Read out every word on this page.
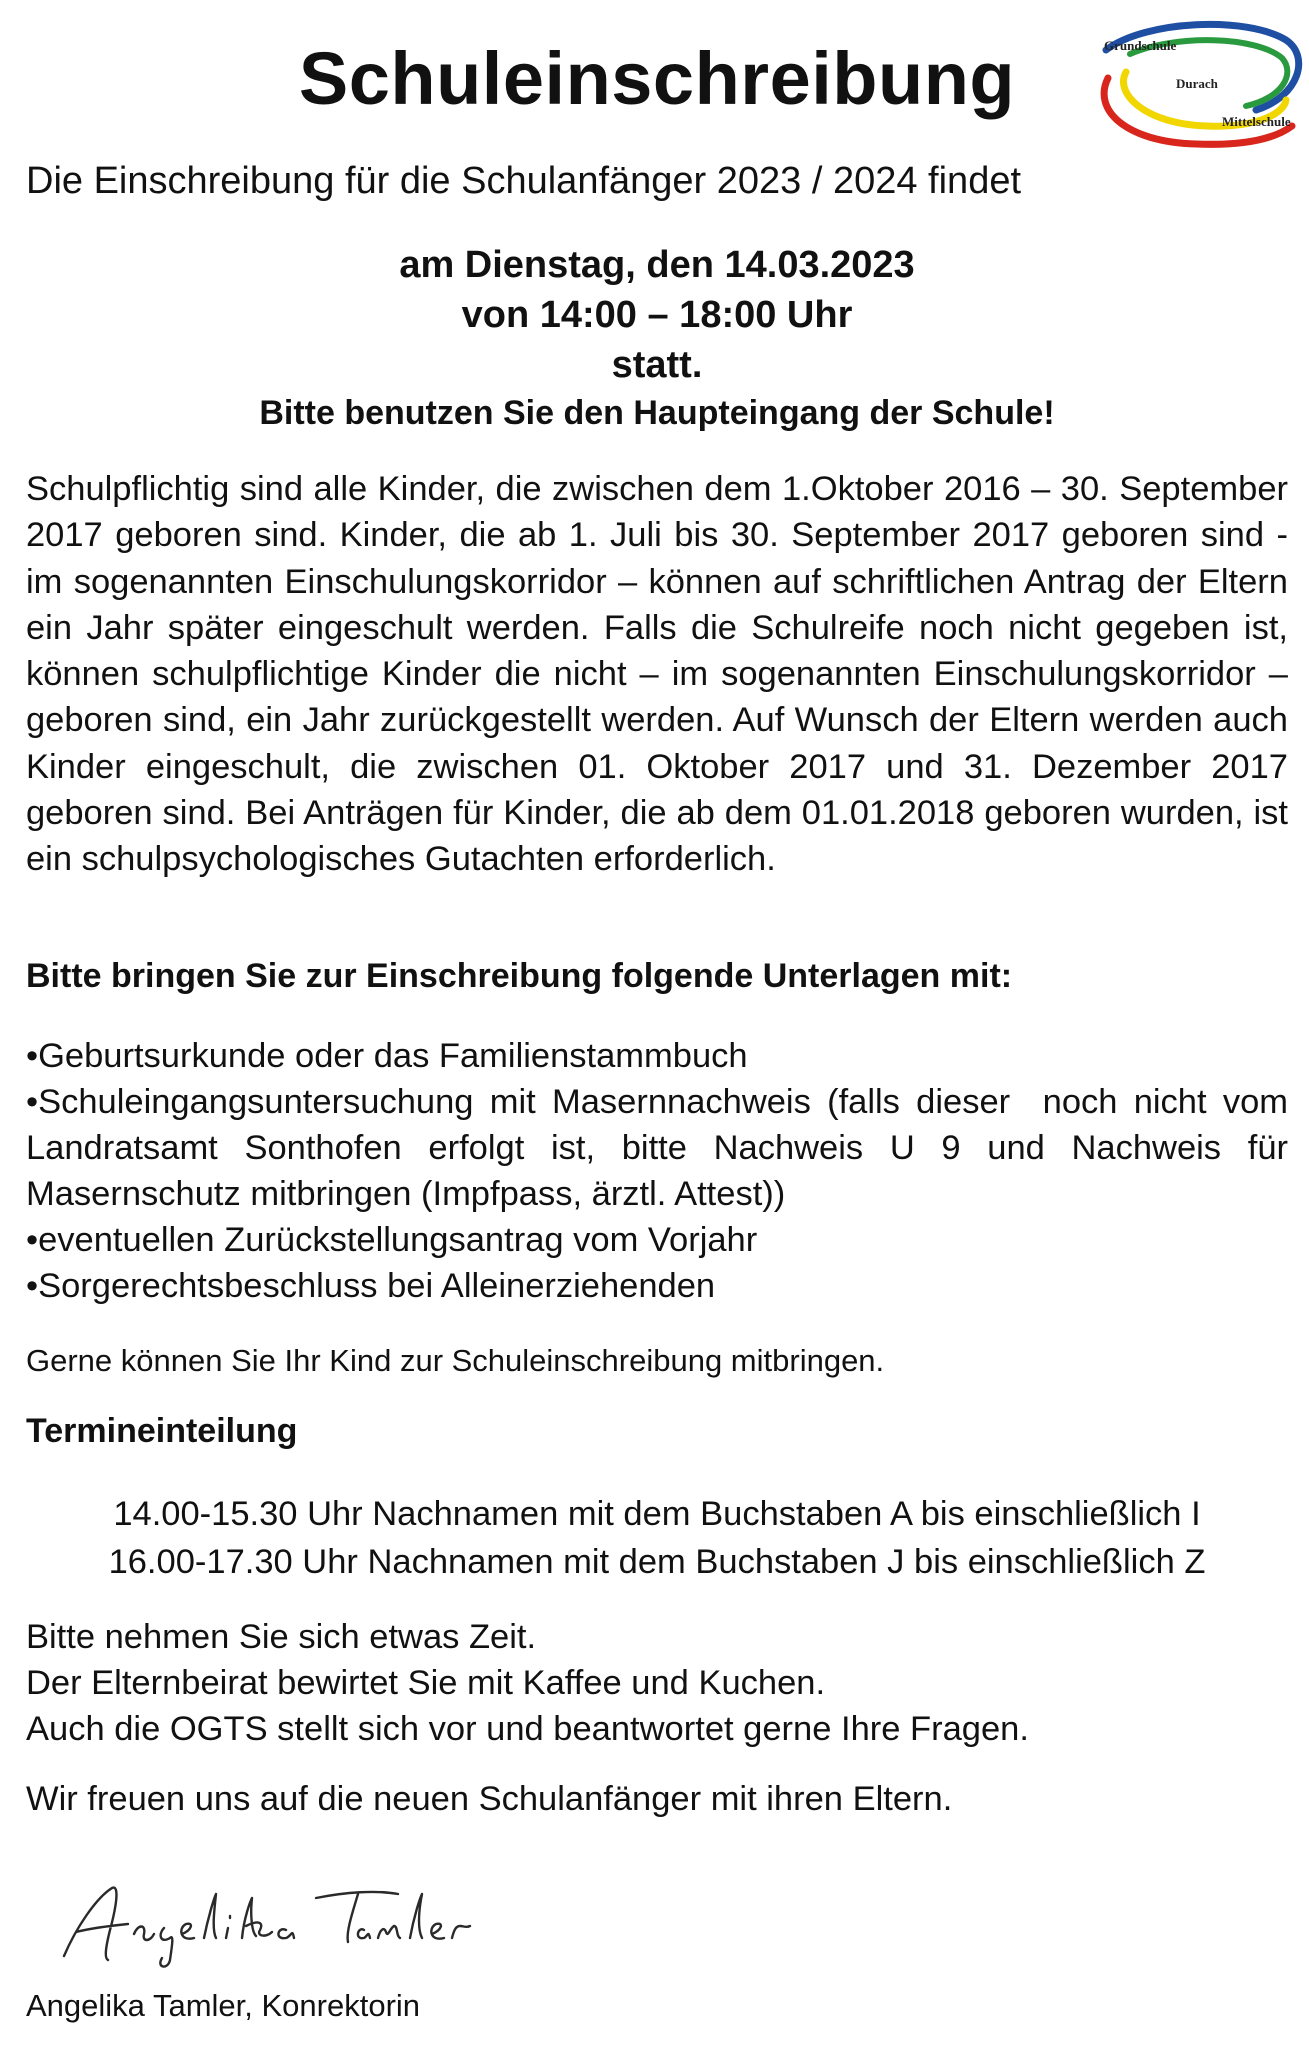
Schuleinschreibung	Grundschule
Durach
Mittelschule

Die Einschreibung für die Schulanfänger 2023 / 2024 findet

am Dienstag, den 14.03.2023
von 14:00 – 18:00 Uhr
statt.
Bitte benutzen Sie den Haupteingang der Schule!

Schulpflichtig sind alle Kinder, die zwischen dem 1.Oktober 2016 – 30. September 2017 geboren sind. Kinder, die ab 1. Juli bis 30. September 2017 geboren sind - im sogenannten Einschulungskorridor – können auf schriftlichen Antrag der Eltern ein Jahr später eingeschult werden. Falls die Schulreife noch nicht gegeben ist, können schulpflichtige Kinder die nicht – im sogenannten Einschulungskorridor – geboren sind, ein Jahr zurückgestellt werden. Auf Wunsch der Eltern werden auch Kinder eingeschult, die zwischen 01. Oktober 2017 und 31. Dezember 2017 geboren sind. Bei Anträgen für Kinder, die ab dem 01.01.2018 geboren wurden, ist ein schulpsychologisches Gutachten erforderlich.

Bitte bringen Sie zur Einschreibung folgende Unterlagen mit:

•Geburtsurkunde oder das Familienstammbuch
•Schuleingangsuntersuchung mit Masernnachweis (falls dieser  noch nicht vom Landratsamt Sonthofen erfolgt ist, bitte Nachweis U 9 und Nachweis für Masernschutz mitbringen (Impfpass, ärztl. Attest))
•eventuellen Zurückstellungsantrag vom Vorjahr
•Sorgerechtsbeschluss bei Alleinerziehenden

Gerne können Sie Ihr Kind zur Schuleinschreibung mitbringen.

Termineinteilung

14.00-15.30 Uhr Nachnamen mit dem Buchstaben A bis einschließlich I
16.00-17.30 Uhr Nachnamen mit dem Buchstaben J bis einschließlich Z
Bitte nehmen Sie sich etwas Zeit.
Der Elternbeirat bewirtet Sie mit Kaffee und Kuchen.
Auch die OGTS stellt sich vor und beantwortet gerne Ihre Fragen.

Wir freuen uns auf die neuen Schulanfänger mit ihren Eltern.

Angelika Tamler, Konrektorin
